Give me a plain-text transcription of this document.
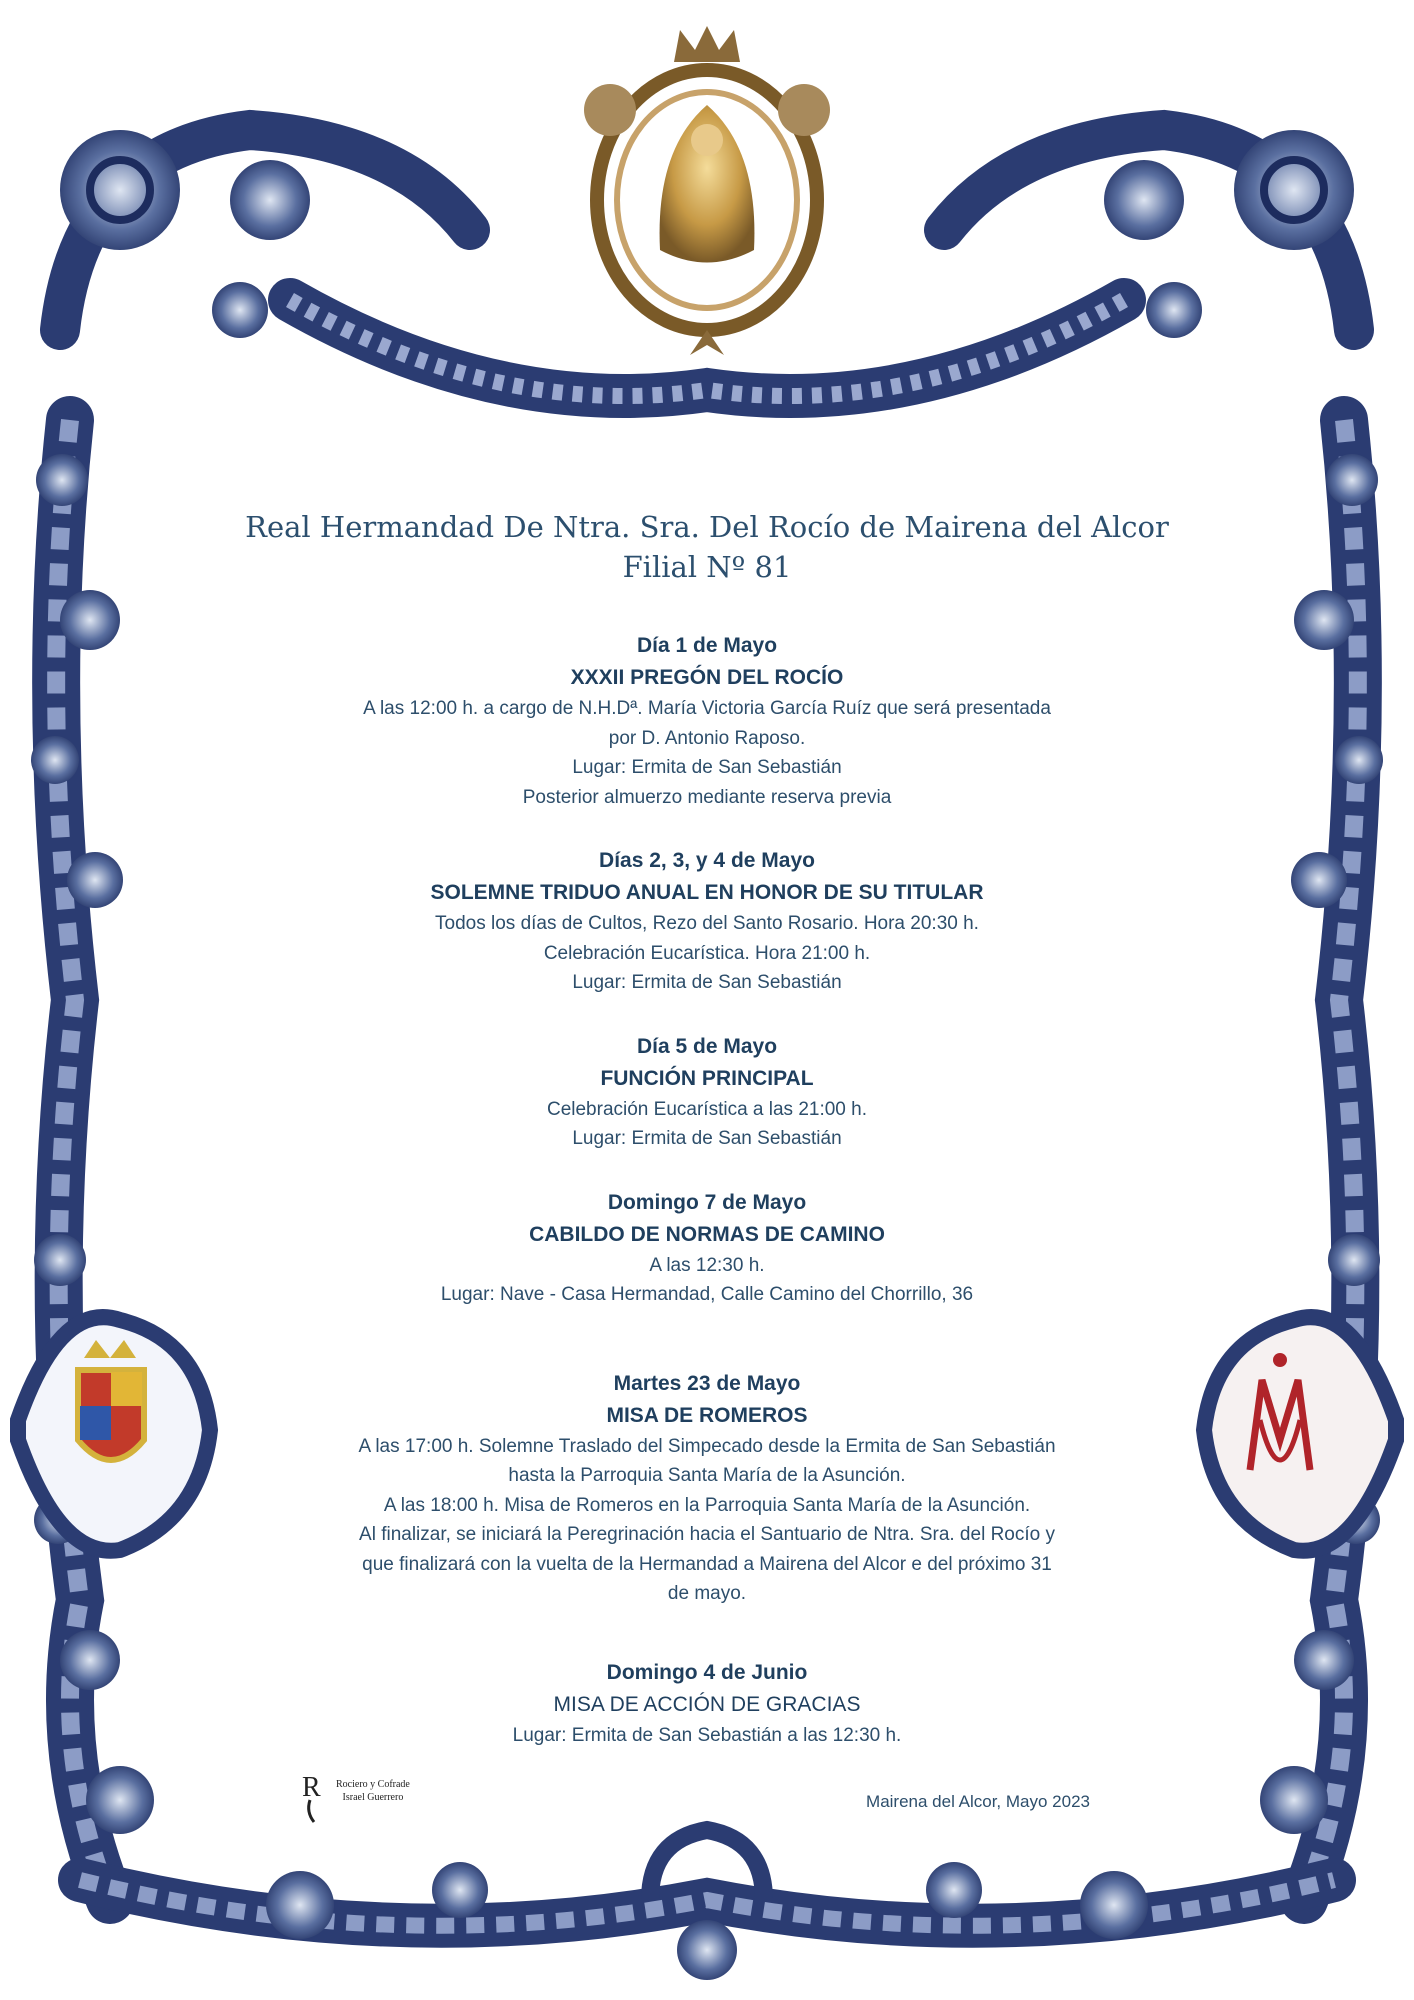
Real Hermandad De Ntra. Sra. Del Rocío de Mairena del Alcor
Filial Nº 81
Día 1 de Mayo
XXXII PREGÓN DEL ROCÍO
A las 12:00 h. a cargo de N.H.Dª. María Victoria García Ruíz que será presentada
por D. Antonio Raposo.
Lugar: Ermita de San Sebastián
Posterior almuerzo mediante reserva previa
Días 2, 3, y 4 de Mayo
SOLEMNE TRIDUO ANUAL EN HONOR DE SU TITULAR
Todos los días de Cultos, Rezo del Santo Rosario. Hora 20:30 h.
Celebración Eucarística. Hora 21:00 h.
Lugar: Ermita de San Sebastián
Día 5 de Mayo
FUNCIÓN PRINCIPAL
Celebración Eucarística a las 21:00 h.
Lugar: Ermita de San Sebastián
Domingo 7 de Mayo
CABILDO DE NORMAS DE CAMINO
A las 12:30 h.
Lugar: Nave - Casa Hermandad, Calle Camino del Chorrillo, 36
Martes 23 de Mayo
MISA DE ROMEROS
A las 17:00 h. Solemne Traslado del Simpecado desde la Ermita de San Sebastián
hasta la Parroquia Santa María de la Asunción.
A las 18:00 h. Misa de Romeros en la Parroquia Santa María de la Asunción.
Al finalizar, se iniciará la Peregrinación hacia el Santuario de Ntra. Sra. del Rocío y
que finalizará con la vuelta de la Hermandad a Mairena del Alcor e del próximo 31
de mayo.
Domingo 4 de Junio
MISA DE ACCIÓN DE GRACIAS
Lugar: Ermita de San Sebastián a las 12:30 h.
R Rociero y Cofrade
Israel Guerrero	Mairena del Alcor, Mayo 2023
